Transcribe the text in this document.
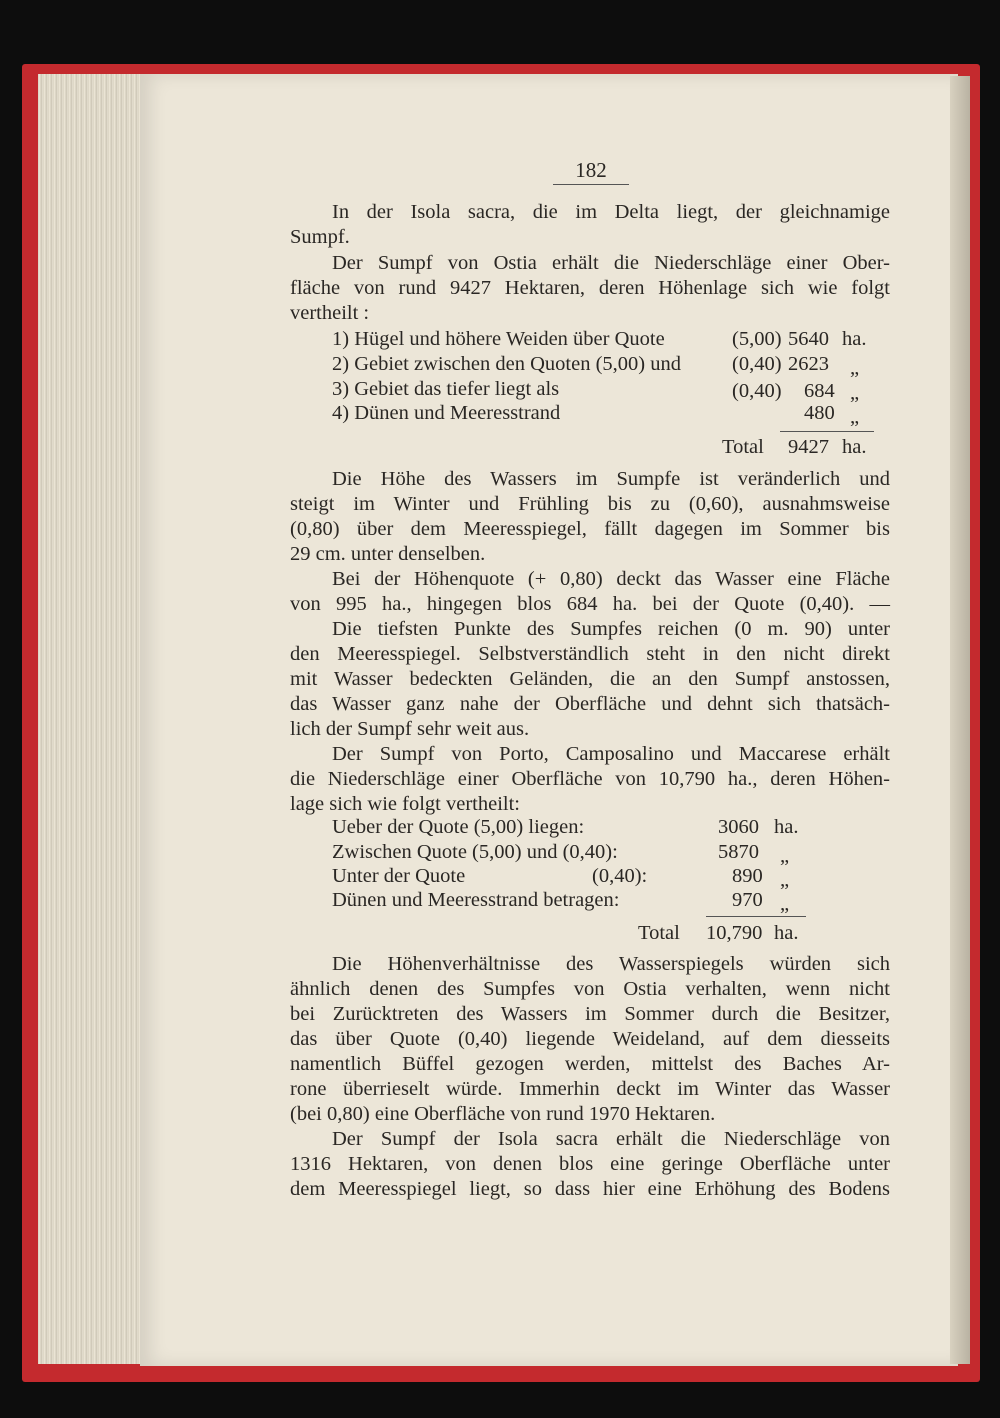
182
In der Isola sacra, die im Delta liegt, der gleichnamige
Sumpf.
Der Sumpf von Ostia erhält die Niederschläge einer Ober-
fläche von rund 9427 Hektaren, deren Höhenlage sich wie folgt
vertheilt :
1) Hügel und höhere Weiden über Quote	(5,00) 5640 ha.
2) Gebiet zwischen den Quoten (5,00) und (0,40) 2623 „
3) Gebiet das tiefer liegt als	(0,40) 684 „
4) Dünen und Meeresstrand	480 „
Total 9427 ha.
Die Höhe des Wassers im Sumpfe ist veränderlich und
steigt im Winter und Frühling bis zu (0,60), ausnahmsweise
(0,80) über dem Meeresspiegel, fällt dagegen im Sommer bis
29 cm. unter denselben.
Bei der Höhenquote (+ 0,80) deckt das Wasser eine Fläche
von 995 ha., hingegen blos 684 ha. bei der Quote (0,40). —
Die tiefsten Punkte des Sumpfes reichen (0 m. 90) unter
den Meeresspiegel. Selbstverständlich steht in den nicht direkt
mit Wasser bedeckten Geländen, die an den Sumpf anstossen,
das Wasser ganz nahe der Oberfläche und dehnt sich thatsäch-
lich der Sumpf sehr weit aus.
Der Sumpf von Porto, Camposalino und Maccarese erhält
die Niederschläge einer Oberfläche von 10,790 ha., deren Höhen-
lage sich wie folgt vertheilt:
Ueber der Quote (5,00) liegen:	3060 ha.
Zwischen Quote (5,00) und (0,40):	5870 „
Unter der Quote	(0,40):	890 „
Dünen und Meeresstrand betragen:	970 „
Total 10,790 ha.
Die Höhenverhältnisse des Wasserspiegels würden sich
ähnlich denen des Sumpfes von Ostia verhalten, wenn nicht
bei Zurücktreten des Wassers im Sommer durch die Besitzer,
das über Quote (0,40) liegende Weideland, auf dem diesseits
namentlich Büffel gezogen werden, mittelst des Baches Ar-
rone überrieselt würde. Immerhin deckt im Winter das Wasser
(bei 0,80) eine Oberfläche von rund 1970 Hektaren.
Der Sumpf der Isola sacra erhält die Niederschläge von
1316 Hektaren, von denen blos eine geringe Oberfläche unter
dem Meeresspiegel liegt, so dass hier eine Erhöhung des Bodens
